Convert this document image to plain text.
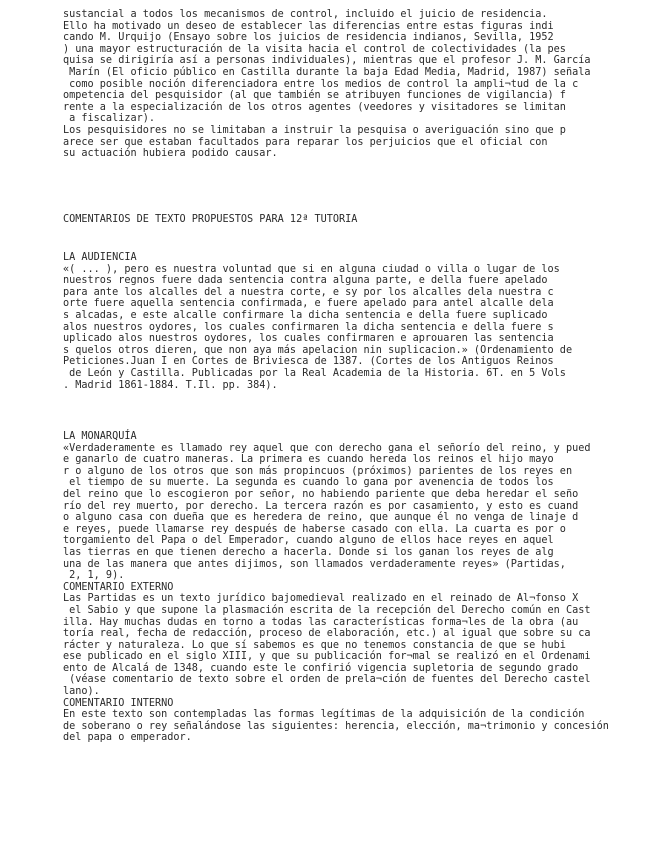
sustancial a todos los mecanismos de control, incluido el juicio de residencia.
Ello ha motivado un deseo de establecer las diferencias entre estas figuras indi
cando M. Urquijo (Ensayo sobre los juicios de residencia indianos, Sevilla, 1952
) una mayor estructuración de la visita hacia el control de colectividades (la pes
quisa se dirigiría así a personas individuales), mientras que el profesor J. M. García
Marín (El oficio público en Castilla durante la baja Edad Media, Madrid, 1987) señala
como posible noción diferenciadora entre los medios de control la ampli¬tud de la c
ompetencia del pesquisidor (al que también se atribuyen funciones de vigilancia) f
rente a la especialización de los otros agentes (veedores y visitadores se limitan
a fiscalizar).
Los pesquisidores no se limitaban a instruir la pesquisa o averiguación sino que p
arece ser que estaban facultados para reparar los perjuicios que el oficial con
su actuación hubiera podido causar.
COMENTARIOS DE TEXTO PROPUESTOS PARA 12ª TUTORIA
LA AUDIENCIA
«( ... ), pero es nuestra voluntad que si en alguna ciudad o villa o lugar de los
nuestros regnos fuere dada sentencia contra alguna parte, e della fuere apelado
para ante los alcalles del a nuestra corte, e sy por los alcalles dela nuestra c
orte fuere aquella sentencia confirmada, e fuere apelado para antel alcalle dela
s alcadas, e este alcalle confirmare la dicha sentencia e della fuere suplicado
alos nuestros oydores, los cuales confirmaren la dicha sentencia e della fuere s
uplicado alos nuestros oydores, los cuales confirmaren e aprouaren las sentencia
s quelos otros dieren, que non aya más apelacion nin suplicacion.» (Ordenamiento de
Peticiones.Juan I en Cortes de Briviesca de 1387. (Cortes de los Antiguos Reinos
de León y Castilla. Publicadas por la Real Academia de la Historia. 6T. en 5 Vols
. Madrid 1861-1884. T.Il. pp. 384).
LA MONARQUÍA
«Verdaderamente es llamado rey aquel que con derecho gana el señorío del reino, y pued
e ganarlo de cuatro maneras. La primera es cuando hereda los reinos el hijo mayo
r o alguno de los otros que son más propincuos (próximos) parientes de los reyes en
el tiempo de su muerte. La segunda es cuando lo gana por avenencia de todos los
del reino que lo escogieron por señor, no habiendo pariente que deba heredar el seño
río del rey muerto, por derecho. La tercera razón es por casamiento, y esto es cuand
o alguno casa con dueña que es heredera de reino, que aunque él no venga de linaje d
e reyes, puede llamarse rey después de haberse casado con ella. La cuarta es por o
torgamiento del Papa o del Emperador, cuando alguno de ellos hace reyes en aquel
las tierras en que tienen derecho a hacerla. Donde si los ganan los reyes de alg
una de las manera que antes dijimos, son llamados verdaderamente reyes» (Partidas,
2, 1, 9).
COMENTARIO EXTERNO
Las Partidas es un texto jurídico bajomedieval realizado en el reinado de Al¬fonso X
el Sabio y que supone la plasmación escrita de la recepción del Derecho común en Cast
illa. Hay muchas dudas en torno a todas las características forma¬les de la obra (au
toría real, fecha de redacción, proceso de elaboración, etc.) al igual que sobre su ca
rácter y naturaleza. Lo que sí sabemos es que no tenemos constancia de que se hubi
ese publicado en el siglo XIII, y que su publicación for¬mal se realizó en el Ordenami
ento de Alcalá de 1348, cuando este le confirió vigencia supletoria de segundo grado
(véase comentario de texto sobre el orden de prela¬ción de fuentes del Derecho castel
lano).
COMENTARIO INTERNO
En este texto son contempladas las formas legítimas de la adquisición de la condición
de soberano o rey señalándose las siguientes: herencia, elección, ma¬trimonio y concesión
del papa o emperador.
